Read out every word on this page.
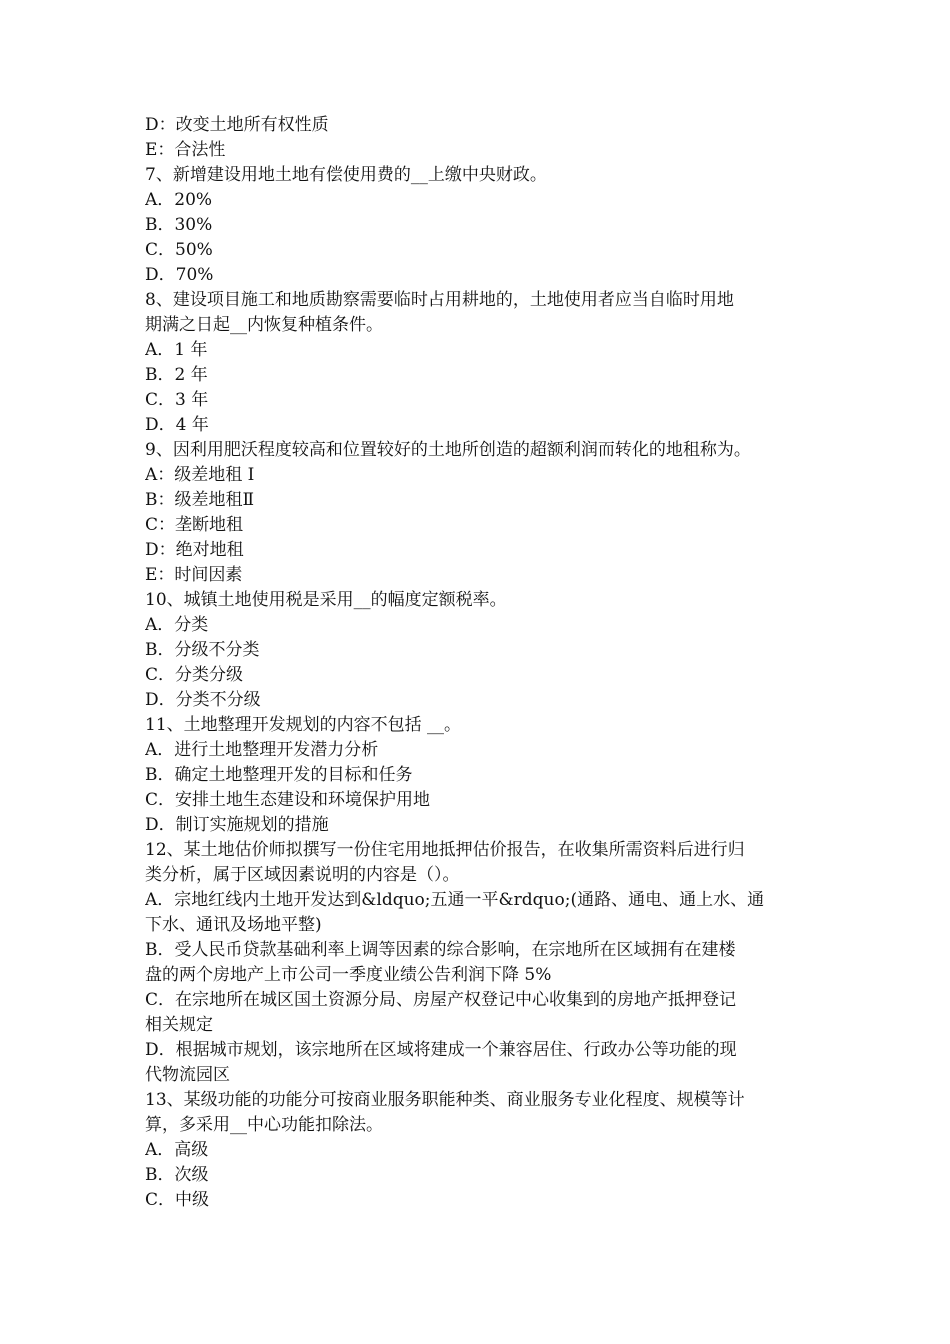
D：改变土地所有权性质
E：合法性
7、新增建设用地土地有偿使用费的__上缴中央财政。
A．20%
B．30%
C．50%
D．70%
8、建设项目施工和地质勘察需要临时占用耕地的，土地使用者应当自临时用地
期满之日起__内恢复种植条件。
A．1 年
B．2 年
C．3 年
D．4 年
9、因利用肥沃程度较高和位置较好的土地所创造的超额利润而转化的地租称为。
A：级差地租 I
B：级差地租Ⅱ
C：垄断地租
D：绝对地租
E：时间因素
10、城镇土地使用税是采用__的幅度定额税率。
A．分类
B．分级不分类
C．分类分级
D．分类不分级
11、土地整理开发规划的内容不包括 __。
A．进行土地整理开发潜力分析
B．确定土地整理开发的目标和任务
C．安排土地生态建设和环境保护用地
D．制订实施规划的措施
12、某土地估价师拟撰写一份住宅用地抵押估价报告，在收集所需资料后进行归
类分析，属于区域因素说明的内容是（）。
A．宗地红线内土地开发达到&ldquo;五通一平&rdquo;(通路、通电、通上水、通
下水、通讯及场地平整)
B．受人民币贷款基础利率上调等因素的综合影响，在宗地所在区域拥有在建楼
盘的两个房地产上市公司一季度业绩公告利润下降 5%
C．在宗地所在城区国土资源分局、房屋产权登记中心收集到的房地产抵押登记
相关规定
D．根据城市规划，该宗地所在区域将建成一个兼容居住、行政办公等功能的现
代物流园区
13、某级功能的功能分可按商业服务职能种类、商业服务专业化程度、规模等计
算，多采用__中心功能扣除法。
A．高级
B．次级
C．中级
